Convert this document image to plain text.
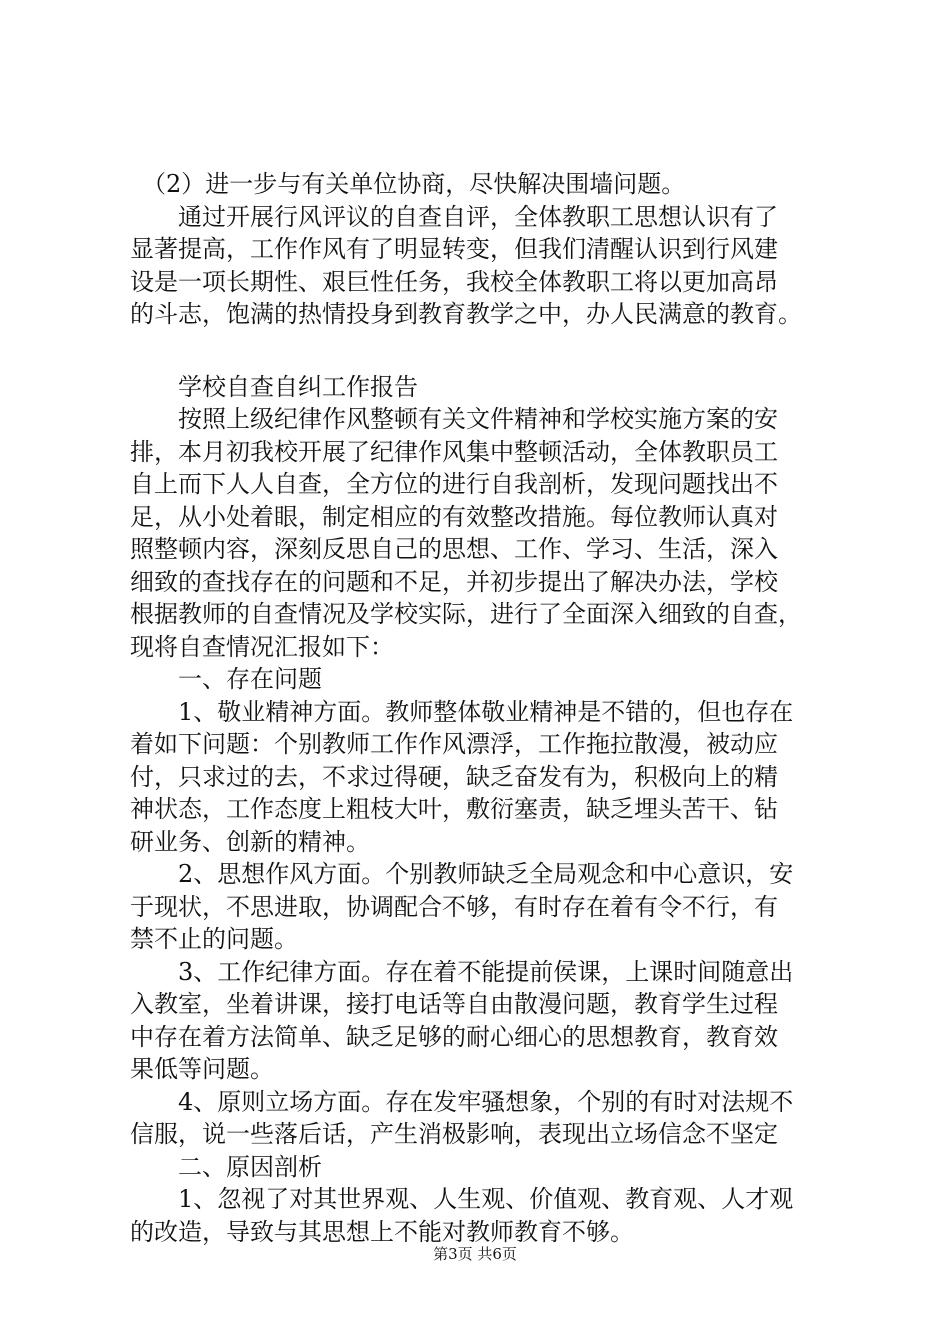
　（2）进一步与有关单位协商，尽快解决围墙问题。
　　通过开展行风评议的自查自评，全体教职工思想认识有了
显著提高，工作作风有了明显转变，但我们清醒认识到行风建
设是一项长期性、艰巨性任务，我校全体教职工将以更加高昂
的斗志，饱满的热情投身到教育教学之中，办人民满意的教育。
　　学校自查自纠工作报告
　　按照上级纪律作风整顿有关文件精神和学校实施方案的安
排，本月初我校开展了纪律作风集中整顿活动，全体教职员工
自上而下人人自查，全方位的进行自我剖析，发现问题找出不
足，从小处着眼，制定相应的有效整改措施。每位教师认真对
照整顿内容，深刻反思自己的思想、工作、学习、生活，深入
细致的查找存在的问题和不足，并初步提出了解决办法，学校
根据教师的自查情况及学校实际，进行了全面深入细致的自查，
现将自查情况汇报如下：
　　一、存在问题
　　1、敬业精神方面。教师整体敬业精神是不错的，但也存在
着如下问题：个别教师工作作风漂浮，工作拖拉散漫，被动应
付，只求过的去，不求过得硬，缺乏奋发有为，积极向上的精
神状态，工作态度上粗枝大叶，敷衍塞责，缺乏埋头苦干、钻
研业务、创新的精神。
　　2、思想作风方面。个别教师缺乏全局观念和中心意识，安
于现状，不思进取，协调配合不够，有时存在着有令不行，有
禁不止的问题。
　　3、工作纪律方面。存在着不能提前侯课，上课时间随意出
入教室，坐着讲课，接打电话等自由散漫问题，教育学生过程
中存在着方法简单、缺乏足够的耐心细心的思想教育，教育效
果低等问题。
　　4、原则立场方面。存在发牢骚想象，个别的有时对法规不
信服，说一些落后话，产生消极影响，表现出立场信念不坚定
　　二、原因剖析
　　1、忽视了对其世界观、人生观、价值观、教育观、人才观
的改造，导致与其思想上不能对教师教育不够。
第3页 共6页
